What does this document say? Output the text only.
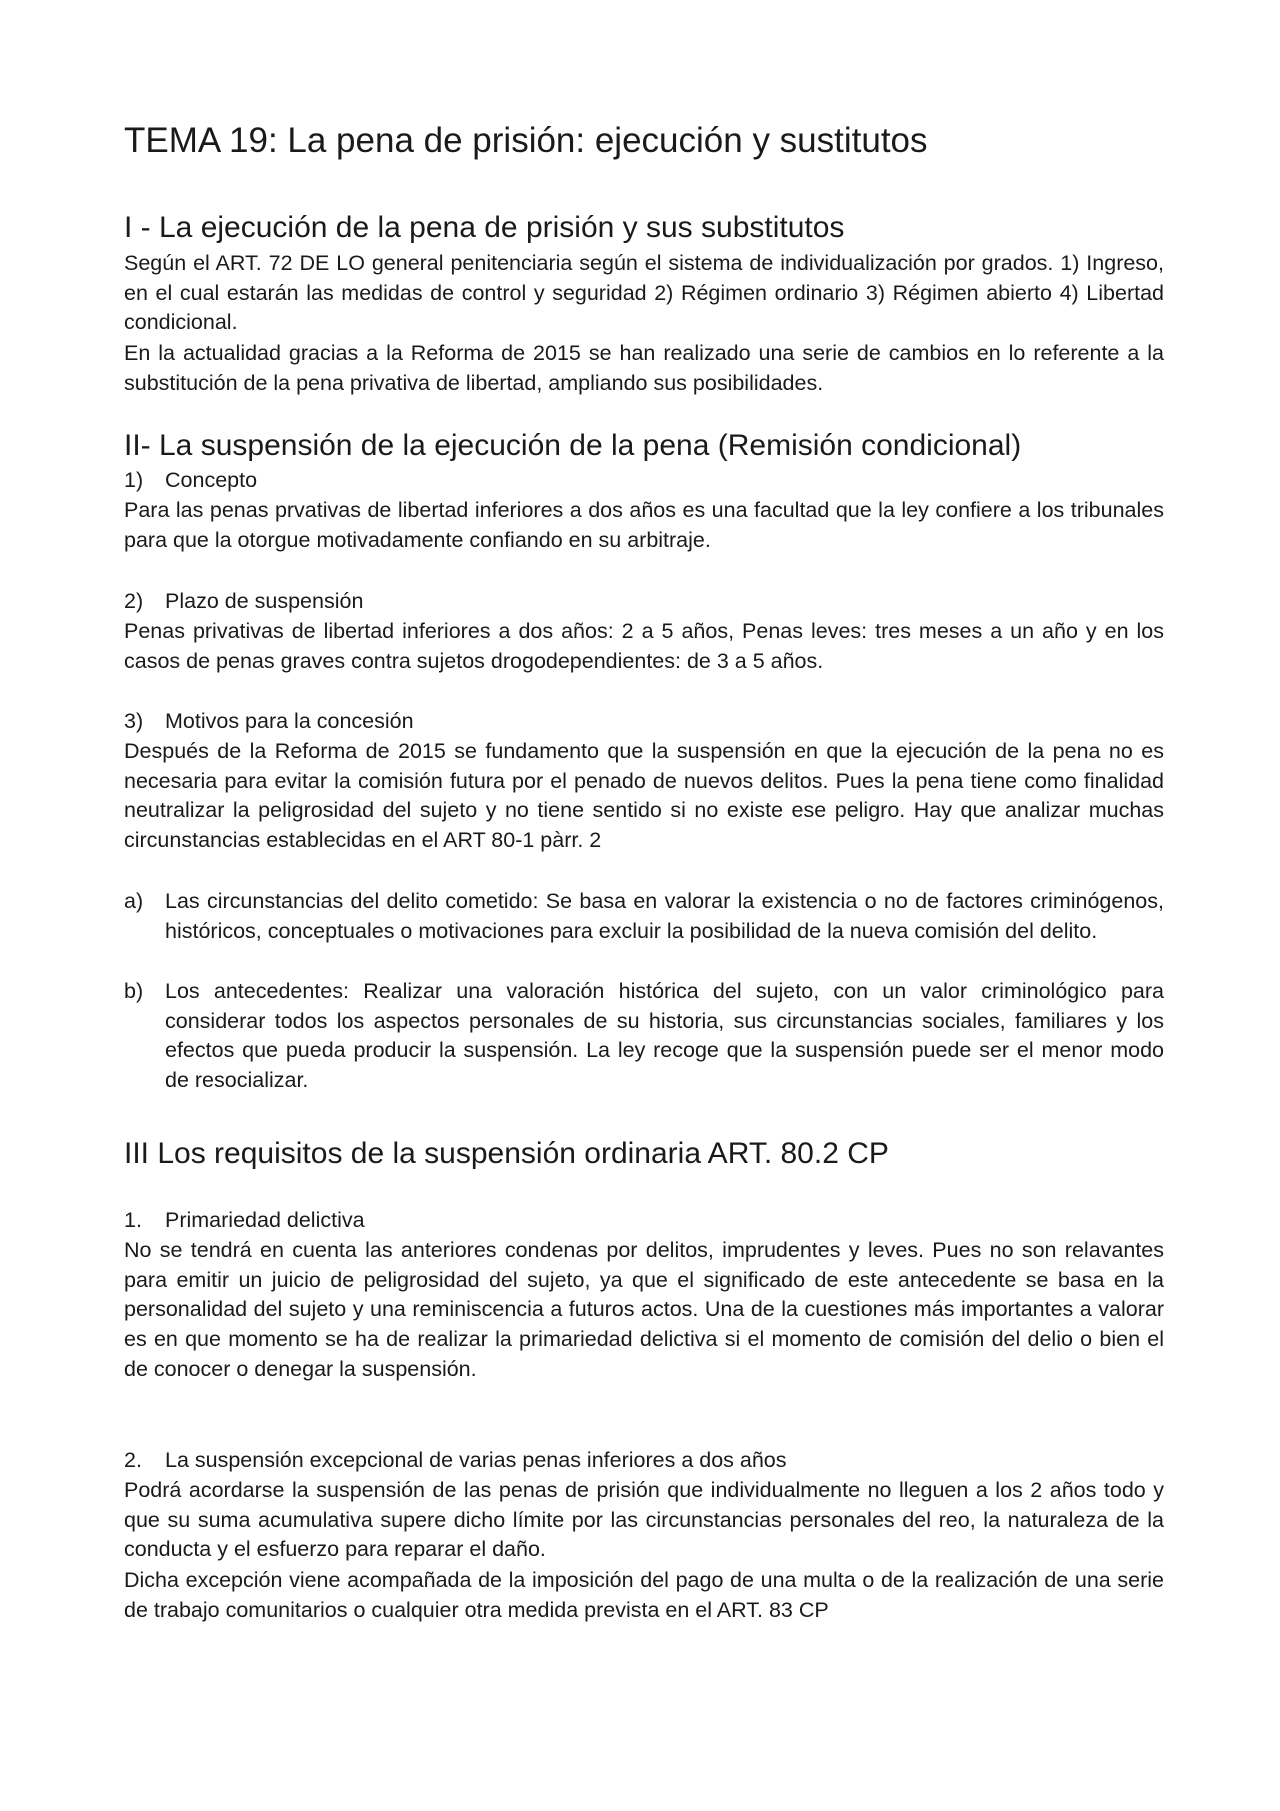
TEMA 19: La pena de prisión: ejecución y sustitutos
I - La ejecución de la pena de prisión y sus substitutos

Según el ART. 72 DE LO general penitenciaria según el sistema de individualización por grados. 1) Ingreso, en el cual estarán las medidas de control y seguridad 2) Régimen ordinario 3) Régimen abierto 4) Libertad condicional.

En la actualidad gracias a la Reforma de 2015 se han realizado una serie de cambios en lo referente a la substitución de la pena privativa de libertad, ampliando sus posibilidades.

II- La suspensión de la ejecución de la pena (Remisión condicional)
1) Concepto

Para las penas prvativas de libertad inferiores a dos años es una facultad que la ley confiere a los tribunales para que la otorgue motivadamente confiando en su arbitraje.

2) Plazo de suspensión

Penas privativas de libertad inferiores a dos años: 2 a 5 años, Penas leves: tres meses a un año y en los casos de penas graves contra sujetos drogodependientes: de 3 a 5 años.

3) Motivos para la concesión

Después de la Reforma de 2015 se fundamento que la suspensión en que la ejecución de la pena no es necesaria para evitar la comisión futura por el penado de nuevos delitos. Pues la pena tiene como finalidad neutralizar la peligrosidad del sujeto y no tiene sentido si no existe ese peligro. Hay que analizar muchas circunstancias establecidas en el ART 80-1 pàrr. 2

a)	Las circunstancias del delito cometido: Se basa en valorar la existencia o no de factores criminógenos, históricos, conceptuales o motivaciones para excluir la posibilidad de la nueva comisión del delito.
b)	Los antecedentes: Realizar una valoración histórica del sujeto, con un valor criminológico para considerar todos los aspectos personales de su historia, sus circunstancias sociales, familiares y los efectos que pueda producir la suspensión. La ley recoge que la suspensión puede ser el menor modo de resocializar.
III Los requisitos de la suspensión ordinaria ART. 80.2 CP
1. Primariedad delictiva

No se tendrá en cuenta las anteriores condenas por delitos, imprudentes y leves. Pues no son relavantes para emitir un juicio de peligrosidad del sujeto, ya que el significado de este antecedente se basa en la personalidad del sujeto y una reminiscencia a futuros actos. Una de la cuestiones más importantes a valorar es en que momento se ha de realizar la primariedad delictiva si el momento de comisión del delio o bien el de conocer o denegar la suspensión.

2. La suspensión excepcional de varias penas inferiores a dos años

Podrá acordarse la suspensión de las penas de prisión que individualmente no lleguen a los 2 años todo y que su suma acumulativa supere dicho límite por las circunstancias personales del reo, la naturaleza de la conducta y el esfuerzo para reparar el daño.

Dicha excepción viene acompañada de la imposición del pago de una multa o de la realización de una serie de trabajo comunitarios o cualquier otra medida prevista en el ART. 83 CP
